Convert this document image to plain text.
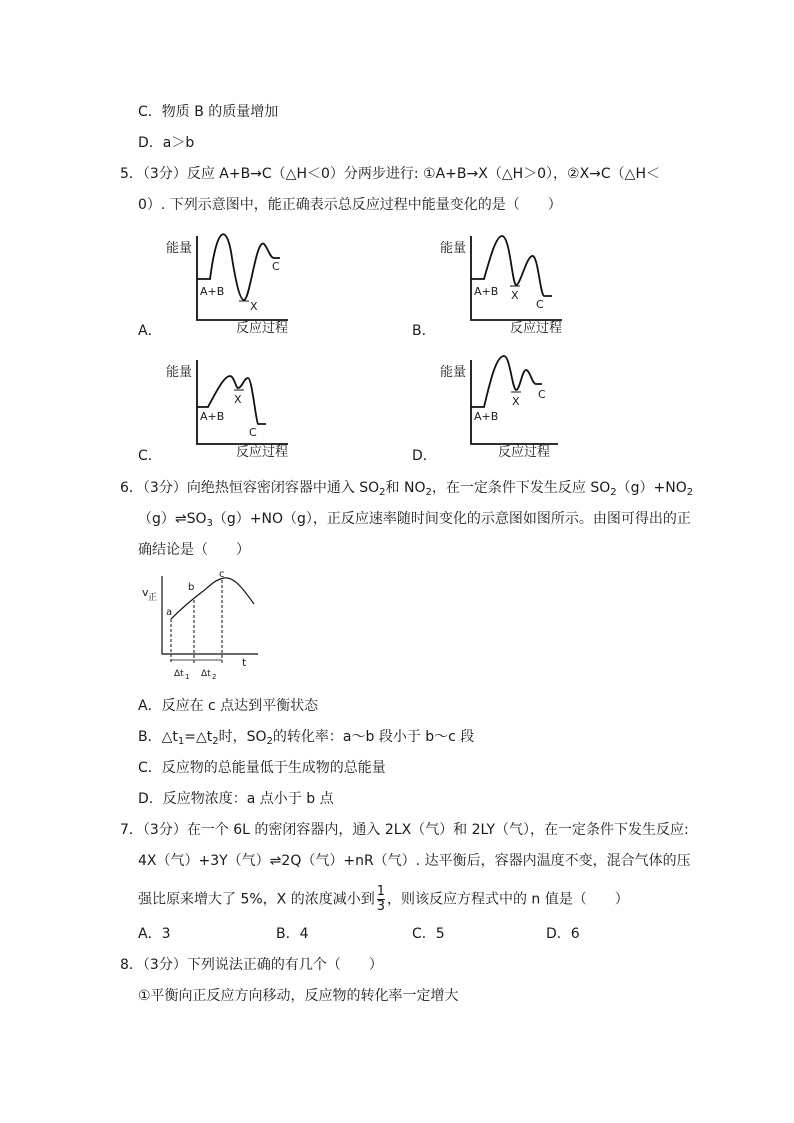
C．物质 B 的质量增加
D．a＞b
5．（3分）反应 A+B→C（△H＜0）分两步进行: ①A+B→X（△H＞0），②X→C（△H＜
0）. 下列示意图中，能正确表示总反应过程中能量变化的是（　　）
能量
反应过程
A+B
X
C
A．
能量
反应过程
A+B X
C
B．
能量
反应过程
A+B
X
C
C．
能量
反应过程
A+B
X
C
D．
6．（3分）向绝热恒容密闭容器中通入 $SO_2$和 $NO_2$，在一定条件下发生反应 $SO_2(g)+NO_2$
$(g)\rightleftharpoons SO_3(g)+NO(g)$，正反应速率随时间变化的示意图如图所示。由图可得出的正
确结论是（　　）
v 正
a
b
c
t
Δt 1 Δt 2
A．反应在 c 点达到平衡状态
B．$\triangle t_1=\triangle t_2$时，$SO_2$的转化率：a～b 段小于 b～c 段
C．反应物的总能量低于生成物的总能量
D．反应物浓度：a 点小于 b 点
7．（3分）在一个 6L 的密闭容器内，通入 2LX（气）和 2LY（气），在一定条件下发生反应:
4X（气）+3Y（气）⇌2Q（气）+nR（气）. 达平衡后，容器内温度不变，混合气体的压
强比原来增大了 5%，X 的浓度减小到 $\frac{1}{3}$ ，则该反应方程式中的 n 值是（　　）
A．3	B．4	C．5	D．6
8．（3分）下列说法正确的有几个（　　）
①平衡向正反应方向移动，反应物的转化率一定增大
